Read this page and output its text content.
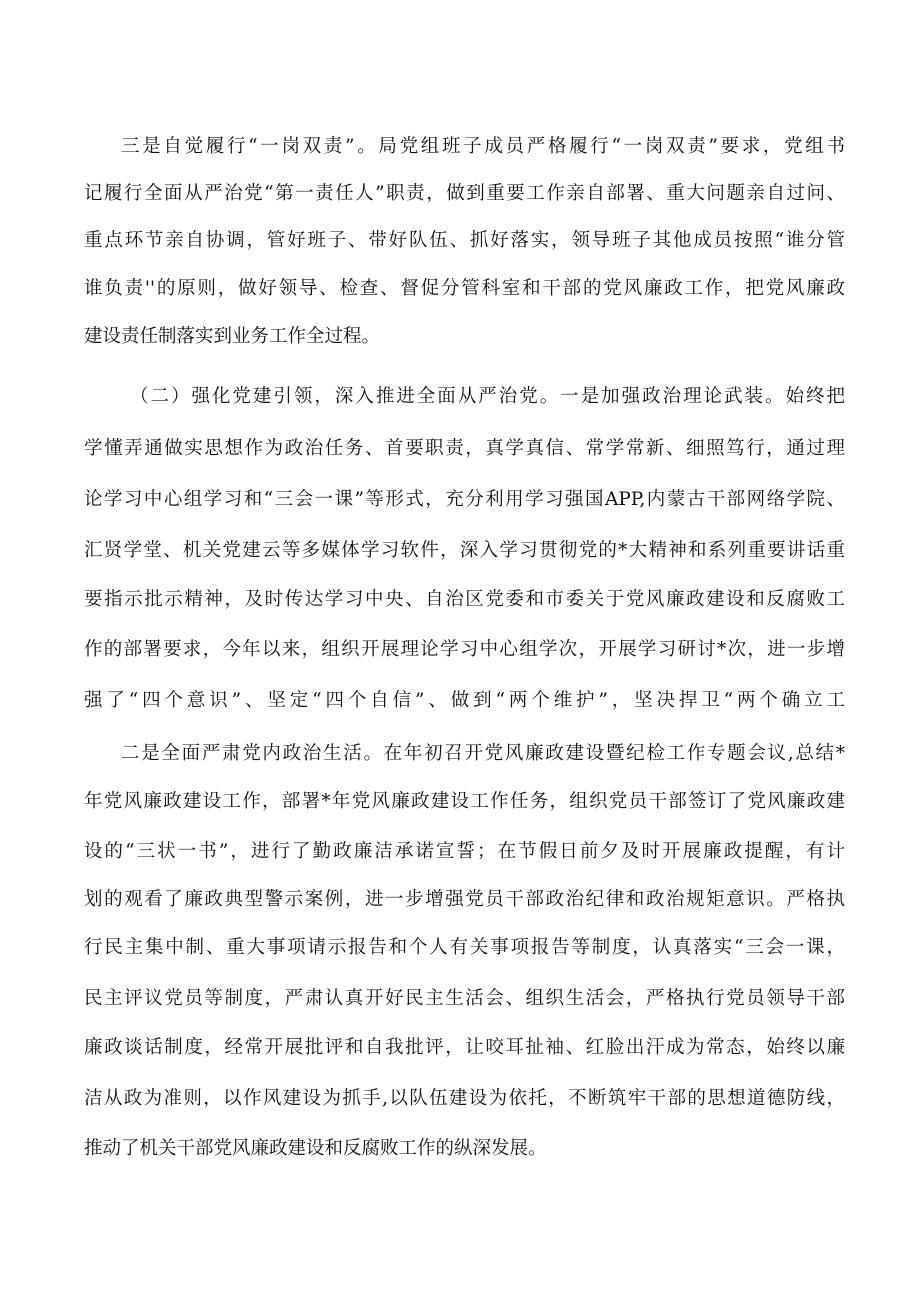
三是自觉履行“一岗双责”。局党组班子成员严格履行“一岗双责”要求，党组书

记履行全面从严治党“第一责任人”职责，做到重要工作亲自部署、重大问题亲自过问、

重点环节亲自协调，管好班子、带好队伍、抓好落实，领导班子其他成员按照“谁分管

谁负责''的原则，做好领导、检查、督促分管科室和干部的党风廉政工作，把党风廉政

建设责任制落实到业务工作全过程。

（二）强化党建引领，深入推进全面从严治党。一是加强政治理论武装。始终把

学懂弄通做实思想作为政治任务、首要职责，真学真信、常学常新、细照笃行，通过理

论学习中心组学习和“三会一课”等形式，充分利用学习强国APP,内蒙古干部网络学院、

汇贤学堂、机关党建云等多媒体学习软件，深入学习贯彻党的*大精神和系列重要讲话重

要指示批示精神，及时传达学习中央、自治区党委和市委关于党风廉政建设和反腐败工

作的部署要求，今年以来，组织开展理论学习中心组学次，开展学习研讨*次，进一步增

强了“四个意识”、坚定“四个自信”、做到“两个维护”，坚决捍卫“两个确立工

二是全面严肃党内政治生活。在年初召开党风廉政建设暨纪检工作专题会议,总结*

年党风廉政建设工作，部署*年党风廉政建设工作任务，组织党员干部签订了党风廉政建

设的“三状一书”，进行了勤政廉洁承诺宣誓；在节假日前夕及时开展廉政提醒，有计

划的观看了廉政典型警示案例，进一步增强党员干部政治纪律和政治规矩意识。严格执

行民主集中制、重大事项请示报告和个人有关事项报告等制度，认真落实“三会一课，

民主评议党员等制度，严肃认真开好民主生活会、组织生活会，严格执行党员领导干部

廉政谈话制度，经常开展批评和自我批评，让咬耳扯袖、红脸出汗成为常态，始终以廉

洁从政为准则，以作风建设为抓手,以队伍建设为依托，不断筑牢干部的思想道德防线，

推动了机关干部党风廉政建设和反腐败工作的纵深发展。
